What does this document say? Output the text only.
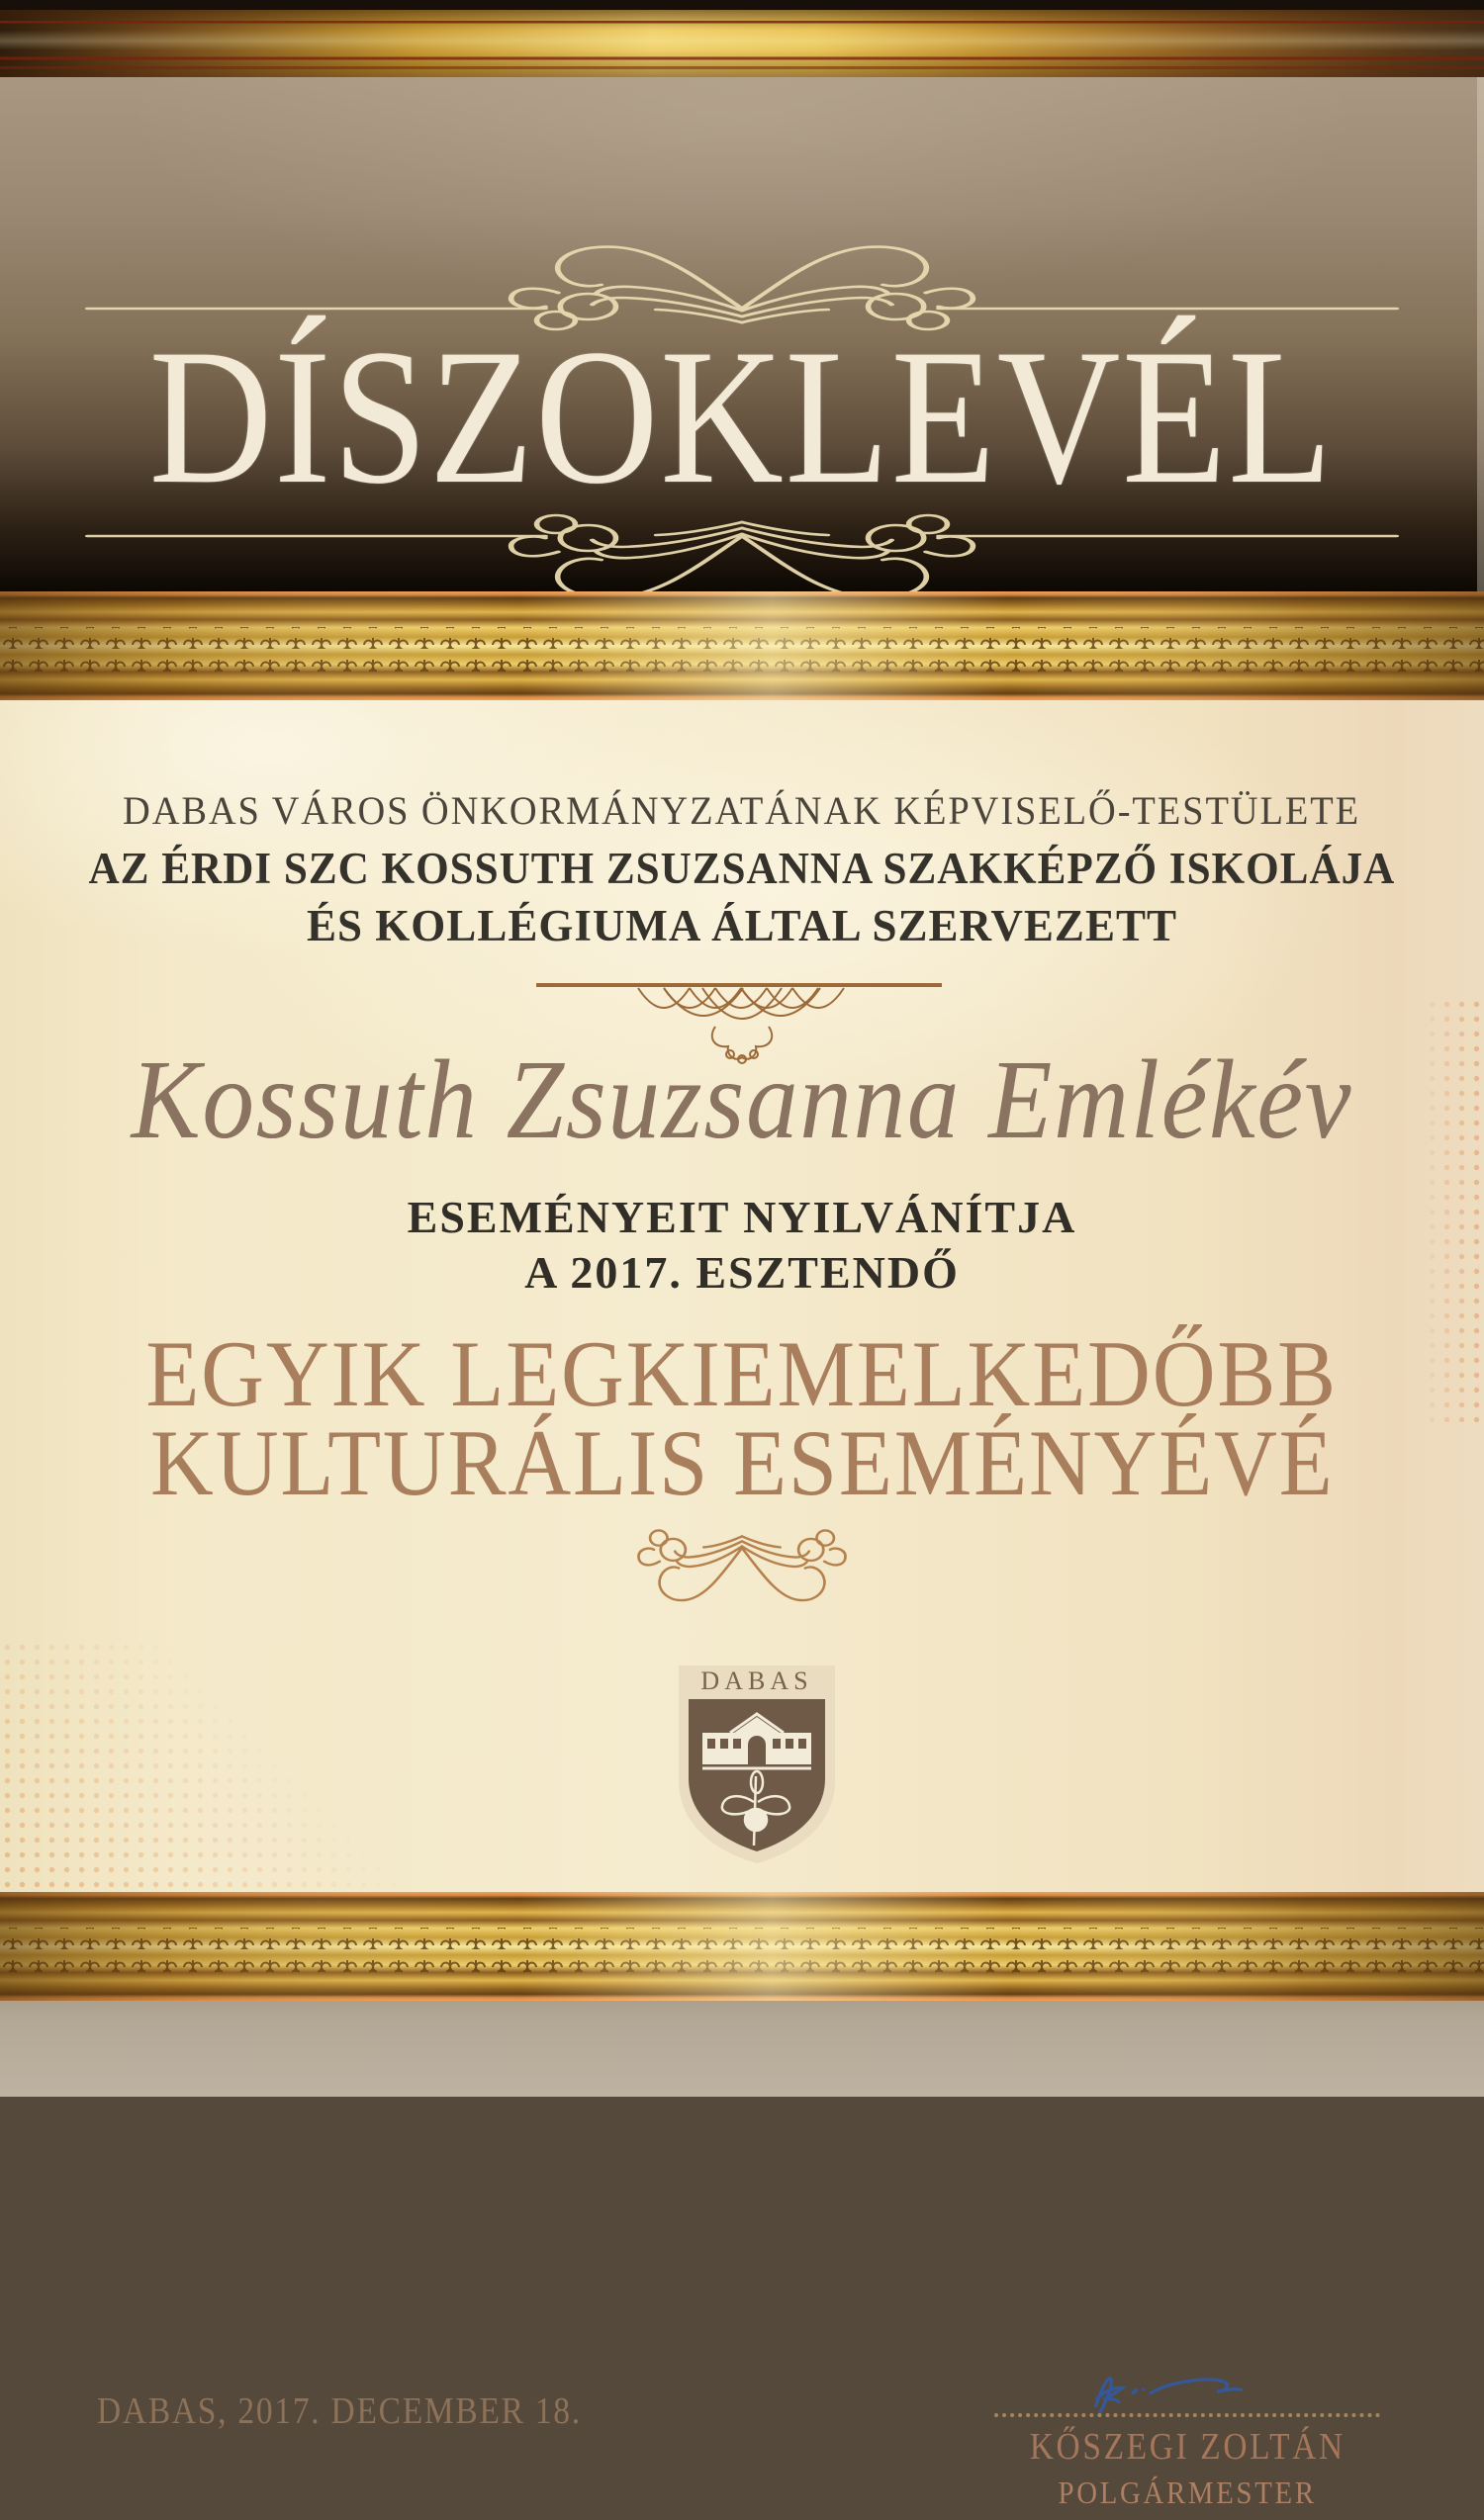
DÍSZOKLEVÉL
DABAS VÁROS ÖNKORMÁNYZATÁNAK KÉPVISELŐ-TESTÜLETE
AZ ÉRDI SZC KOSSUTH ZSUZSANNA SZAKKÉPZŐ ISKOLÁJA
ÉS KOLLÉGIUMA ÁLTAL SZERVEZETT
Kossuth Zsuzsanna Emlékév
ESEMÉNYEIT NYILVÁNÍTJA
A 2017. ESZTENDŐ
EGYIK LEGKIEMELKEDŐBB
KULTURÁLIS ESEMÉNYÉVÉ
DABAS, 2017. DECEMBER 18.
DABAS
KŐSZEGI ZOLTÁN
POLGÁRMESTER
